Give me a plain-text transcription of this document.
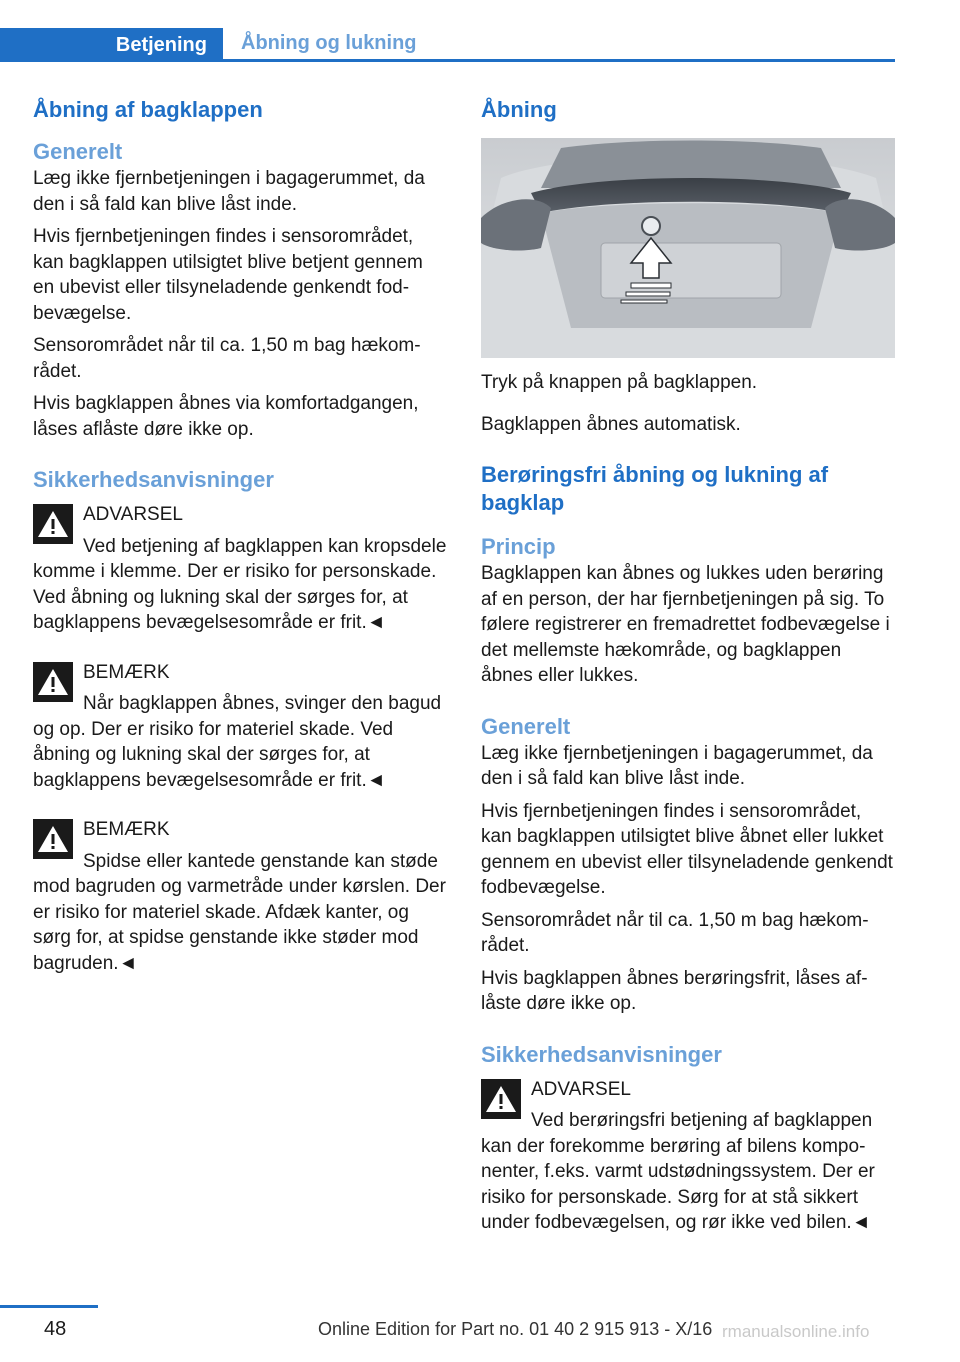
Betjening	Åbning og lukning
Åbning af bagklappen
Generelt

Læg ikke fjernbetjeningen i bagagerummet, da den i så fald kan blive låst inde.

Hvis fjernbetjeningen findes i sensorområdet, kan bagklappen utilsigtet blive betjent gennem en ubevist eller tilsyneladende genkendt fodbevægelse.

Sensorområdet når til ca. 1,50 m bag hækområdet.

Hvis bagklappen åbnes via komfortadgangen, låses aflåste døre ikke op.

Sikkerhedsanvisninger
ADVARSEL

Ved betjening af bagklappen kan kropsdele komme i klemme. Der er risiko for personskade. Ved åbning og lukning skal der sørges for, at bagklappens bevægelsesområde er frit.◄

BEMÆRK

Når bagklappen åbnes, svinger den bagud og op. Der er risiko for materiel skade. Ved åbning og lukning skal der sørges for, at bagklappens bevægelsesområde er frit.◄

BEMÆRK

Spidse eller kantede genstande kan støde mod bagruden og varmetråde under kørslen. Der er risiko for materiel skade. Afdæk kanter, og sørg for, at spidse genstande ikke støder mod bagruden.◄

Åbning

Tryk på knappen på bagklappen.

Bagklappen åbnes automatisk.

Berøringsfri åbning og lukning af bagklap
Princip

Bagklappen kan åbnes og lukkes uden berøring af en person, der har fjernbetjeningen på sig. To følere registrerer en fremadrettet fodbevægelse i det mellemste hækområde, og bagklappen åbnes eller lukkes.

Generelt

Læg ikke fjernbetjeningen i bagagerummet, da den i så fald kan blive låst inde.

Hvis fjernbetjeningen findes i sensorområdet, kan bagklappen utilsigtet blive åbnet eller lukket gennem en ubevist eller tilsyneladende genkendt fodbevægelse.

Sensorområdet når til ca. 1,50 m bag hækområdet.

Hvis bagklappen åbnes berøringsfrit, låses aflåste døre ikke op.

Sikkerhedsanvisninger
ADVARSEL

Ved berøringsfri betjening af bagklappen kan der forekomme berøring af bilens komponenter, f.eks. varmt udstødningssystem. Der er risiko for personskade. Sørg for at stå sikkert under fodbevægelsen, og rør ikke ved bilen.◄

48	Online Edition for Part no. 01 40 2 915 913 - X/16 rmanualsonline.info
